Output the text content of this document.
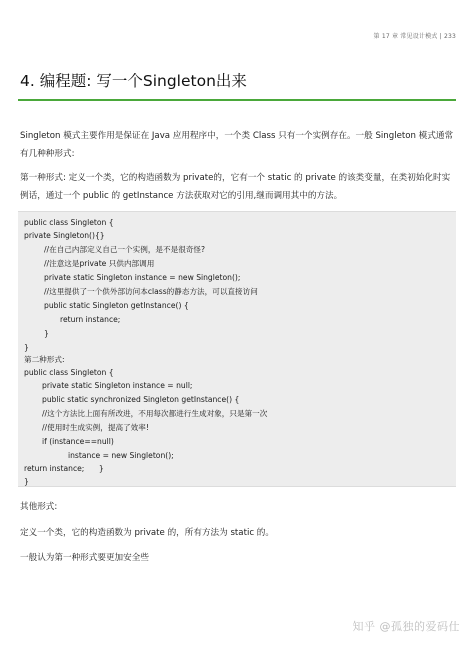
第 17 章 常见设计模式 | 233
4. 编程题: 写一个Singleton出来
Singleton 模式主要作用是保证在 Java 应用程序中，一个类 Class 只有一个实例存在。一般 Singleton 模式通常有几种种形式:
第一种形式: 定义一个类，它的构造函数为 private的，它有一个 static 的 private 的该类变量，在类初始化时实例话，通过一个 public 的 getInstance 方法获取对它的引用,继而调用其中的方法。
public class Singleton {
private Singleton(){}
//在自己内部定义自己一个实例，是不是很奇怪?
//注意这是private 只供内部调用
private static Singleton instance = new Singleton();
//这里提供了一个供外部访问本class的静态方法，可以直接访问
public static Singleton getInstance() {
return instance;
}
}
第二种形式:
public class Singleton {
private static Singleton instance = null;
public static synchronized Singleton getInstance() {
//这个方法比上面有所改进，不用每次都进行生成对象，只是第一次
//使用时生成实例，提高了效率!
if (instance==null)
instance = new Singleton();
return instance;      }
}
其他形式:
定义一个类，它的构造函数为 private 的，所有方法为 static 的。
一般认为第一种形式要更加安全些
知乎 @孤独的爱码仕
